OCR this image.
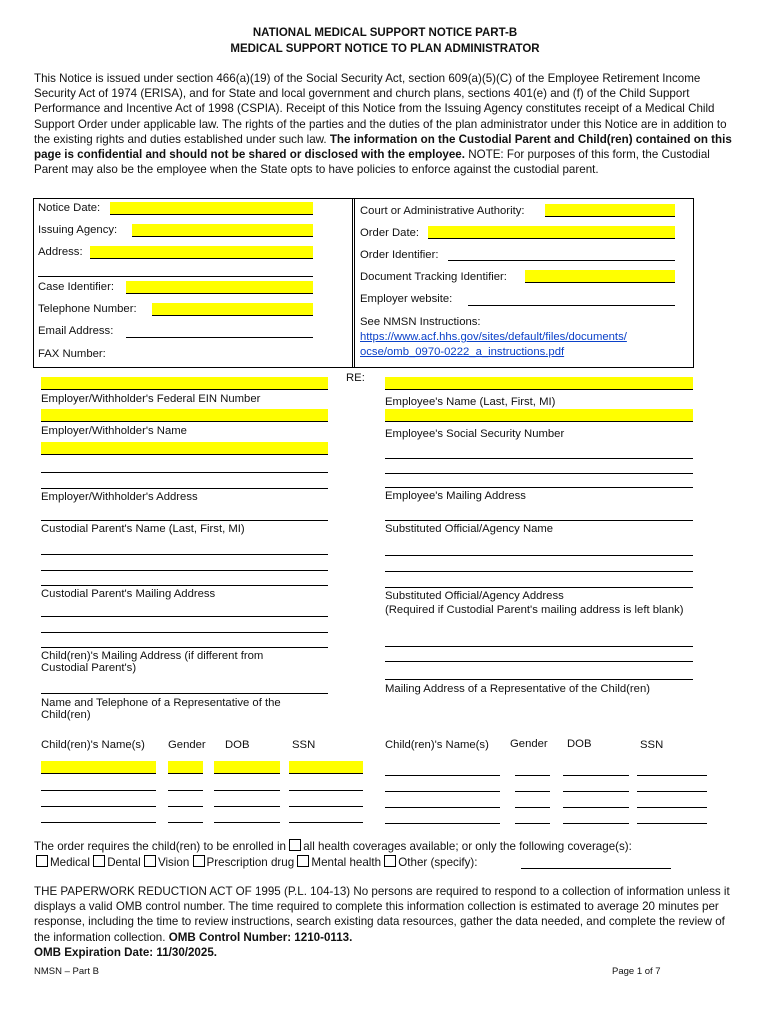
NATIONAL MEDICAL SUPPORT NOTICE PART-B
MEDICAL SUPPORT NOTICE TO PLAN ADMINISTRATOR
This Notice is issued under section 466(a)(19) of the Social Security Act, section 609(a)(5)(C) of the Employee Retirement Income Security Act of 1974 (ERISA), and for State and local government and church plans, sections 401(e) and (f) of the Child Support Performance and Incentive Act of 1998 (CSPIA). Receipt of this Notice from the Issuing Agency constitutes receipt of a Medical Child Support Order under applicable law. The rights of the parties and the duties of the plan administrator under this Notice are in addition to the existing rights and duties established under such law. The information on the Custodial Parent and Child(ren) contained on this page is confidential and should not be shared or disclosed with the employee. NOTE: For purposes of this form, the Custodial Parent may also be the employee when the State opts to have policies to enforce against the custodial parent.
Notice Date:
Issuing Agency:
Address:
Case Identifier:
Telephone Number:
Email Address:
FAX Number:
Court or Administrative Authority:
Order Date:
Order Identifier:
Document Tracking Identifier:
Employer website:
See NMSN Instructions:
https://www.acf.hhs.gov/sites/default/files/documents/
ocse/omb_0970-0222_a_instructions.pdf
Employer/Withholder's Federal EIN Number
Employer/Withholder's Name
Employer/Withholder's Address
Custodial Parent's Name (Last, First, MI)
Custodial Parent's Mailing Address
Child(ren)'s Mailing Address (if different from
Custodial Parent's)
Name and Telephone of a Representative of the
Child(ren)
RE:
Employee's Name (Last, First, MI)
Employee's Social Security Number
Employee's Mailing Address
Substituted Official/Agency Name
Substituted Official/Agency Address
(Required if Custodial Parent's mailing address is left blank)
Mailing Address of a Representative of the Child(ren)
Child(ren)'s Name(s) Gender DOB	SSN	Child(ren)'s Name(s) Gender DOB	SSN
The order requires the child(ren) to be enrolled in all health coverages available; or only the following coverage(s):
Medical Dental Vision Prescription drug Mental health Other (specify):
THE PAPERWORK REDUCTION ACT OF 1995 (P.L. 104-13) No persons are required to respond to a collection of information unless it displays a valid OMB control number. The time required to complete this information collection is estimated to average 20 minutes per response, including the time to review instructions, search existing data resources, gather the data needed, and complete the review of the information collection. OMB Control Number: 1210-0113.
OMB Expiration Date: 11/30/2025.
NMSN – Part B	Page 1 of 7
